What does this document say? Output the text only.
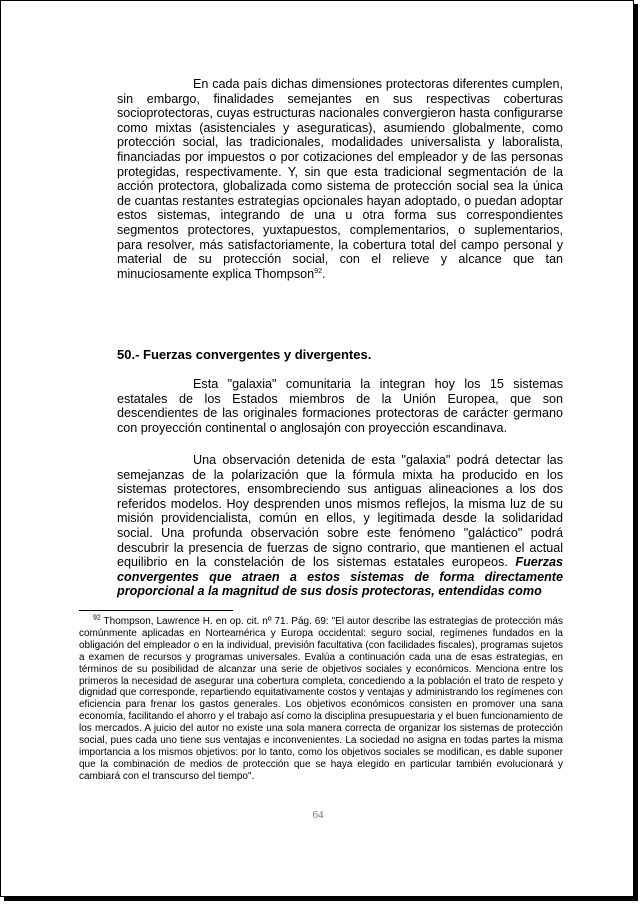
En cada país dichas dimensiones protectoras diferentes cumplen, sin embargo, finalidades semejantes en sus respectivas coberturas socioprotectoras, cuyas estructuras nacionales convergieron hasta configurarse como mixtas (asistenciales y aseguraticas), asumiendo globalmente, como protección social, las tradicionales, modalidades universalista y laboralista, financiadas por impuestos o por cotizaciones del empleador y de las personas protegidas, respectivamente. Y, sin que esta tradicional segmentación de la acción protectora, globalizada como sistema de protección social sea la única de cuantas restantes estrategias opcionales hayan adoptado, o puedan adoptar estos sistemas, integrando de una u otra forma sus correspondientes segmentos protectores, yuxtapuestos, complementarios, o suplementarios, para resolver, más satisfactoriamente, la cobertura total del campo personal y material de su protección social, con el relieve y alcance que tan minuciosamente explica Thompson$^{92}$.

50.- Fuerzas convergentes y divergentes.

Esta "galaxia" comunitaria la integran hoy los 15 sistemas estatales de los Estados miembros de la Unión Europea, que son descendientes de las originales formaciones protectoras de carácter germano con proyección continental o anglosajón con proyección escandinava.

Una observación detenida de esta "galaxia" podrá detectar las semejanzas de la polarización que la fórmula mixta ha producido en los sistemas protectores, ensombreciendo sus antiguas alineaciones a los dos referidos modelos. Hoy desprenden unos mismos reflejos, la misma luz de su misión providencialista, común en ellos, y legitimada desde la solidaridad social. Una profunda observación sobre este fenómeno "galáctico" podrá descubrir la presencia de fuerzas de signo contrario, que mantienen el actual equilibrio en la constelación de los sistemas estatales europeos. Fuerzas convergentes que atraen a estos sistemas de forma directamente proporcional a la magnitud de sus dosis protectoras, entendidas como

$^{92}$ Thompson, Lawrence H. en op. cit. nº 71. Pág. 69: "El autor describe las estrategias de protección más comúnmente aplicadas en Norteamérica y Europa occidental: seguro social, regímenes fundados en la obligación del empleador o en la individual, previsión facultativa (con facilidades fiscales), programas sujetos a examen de recursos y programas universales. Evalúa a continuación cada una de esas estrategias, en términos de su posibilidad de alcanzar una serie de objetivos sociales y económicos. Menciona entre los primeros la necesidad de asegurar una cobertura completa, concediendo a la población el trato de respeto y dignidad que corresponde, repartiendo equitativamente costos y ventajas y administrando los regímenes con eficiencia para frenar los gastos generales. Los objetivos económicos consisten en promover una sana economía, facilitando el ahorro y el trabajo así como la disciplina presupuestaria y el buen funcionamiento de los mercados. A juicio del autor no existe una sola manera correcta de organizar los sistemas de protección social, pues cada uno tiene sus ventajas e inconvenientes. La sociedad no asigna en todas partes la misma importancia a los mismos objetivos: por lo tanto, como los objetivos sociales se modifican, es dable suponer que la combinación de medios de protección que se haya elegido en particular también evolucionará y cambiará con el transcurso del tiempo".
64
